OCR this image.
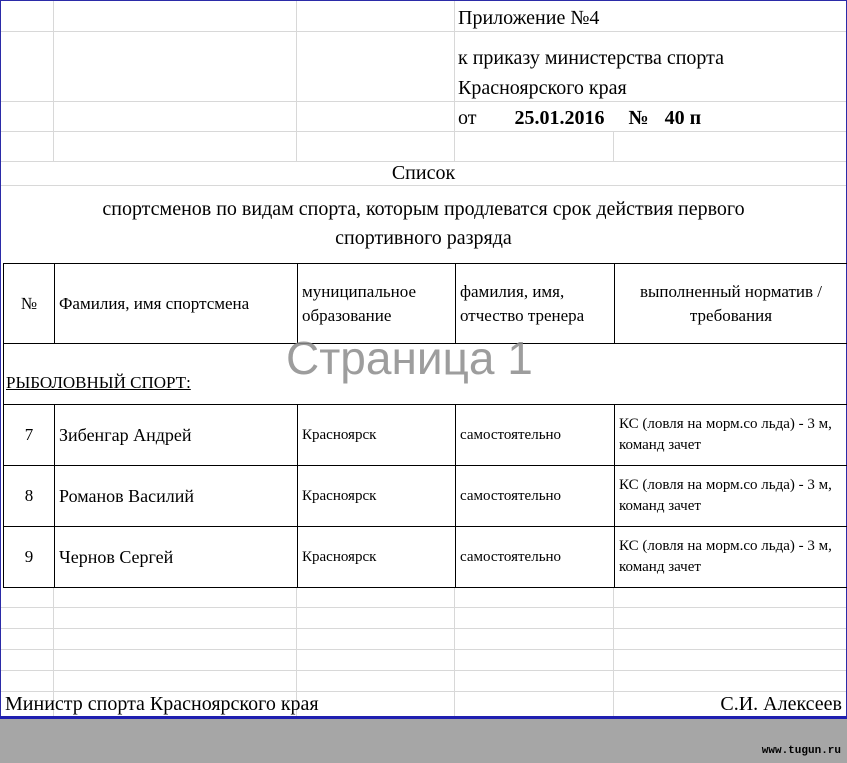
Приложение №4
к приказу министерства спорта
Красноярского края
от 25.01.2016 № 40 п
Список
спортсменов по видам спорта, которым продлеватся срок действия первого
спортивного разряда
№	Фамилия, имя спортсмена	муниципальное образование	фамилия, имя, отчество тренера	выполненный норматив /требования
РЫБОЛОВНЫЙ СПОРТ:				
7	Зибенгар Андрей	Красноярск	самостоятельно	КС (ловля на морм.со льда) - 3 м, команд зачет
8	Романов Василий	Красноярск	самостоятельно	КС (ловля на морм.со льда) - 3 м, команд зачет
9	Чернов Сергей	Красноярск	самостоятельно	КС (ловля на морм.со льда) - 3 м, команд зачет
Страница 1
Министр спорта Красноярского края	С.И. Алексеев
www.tugun.ru
